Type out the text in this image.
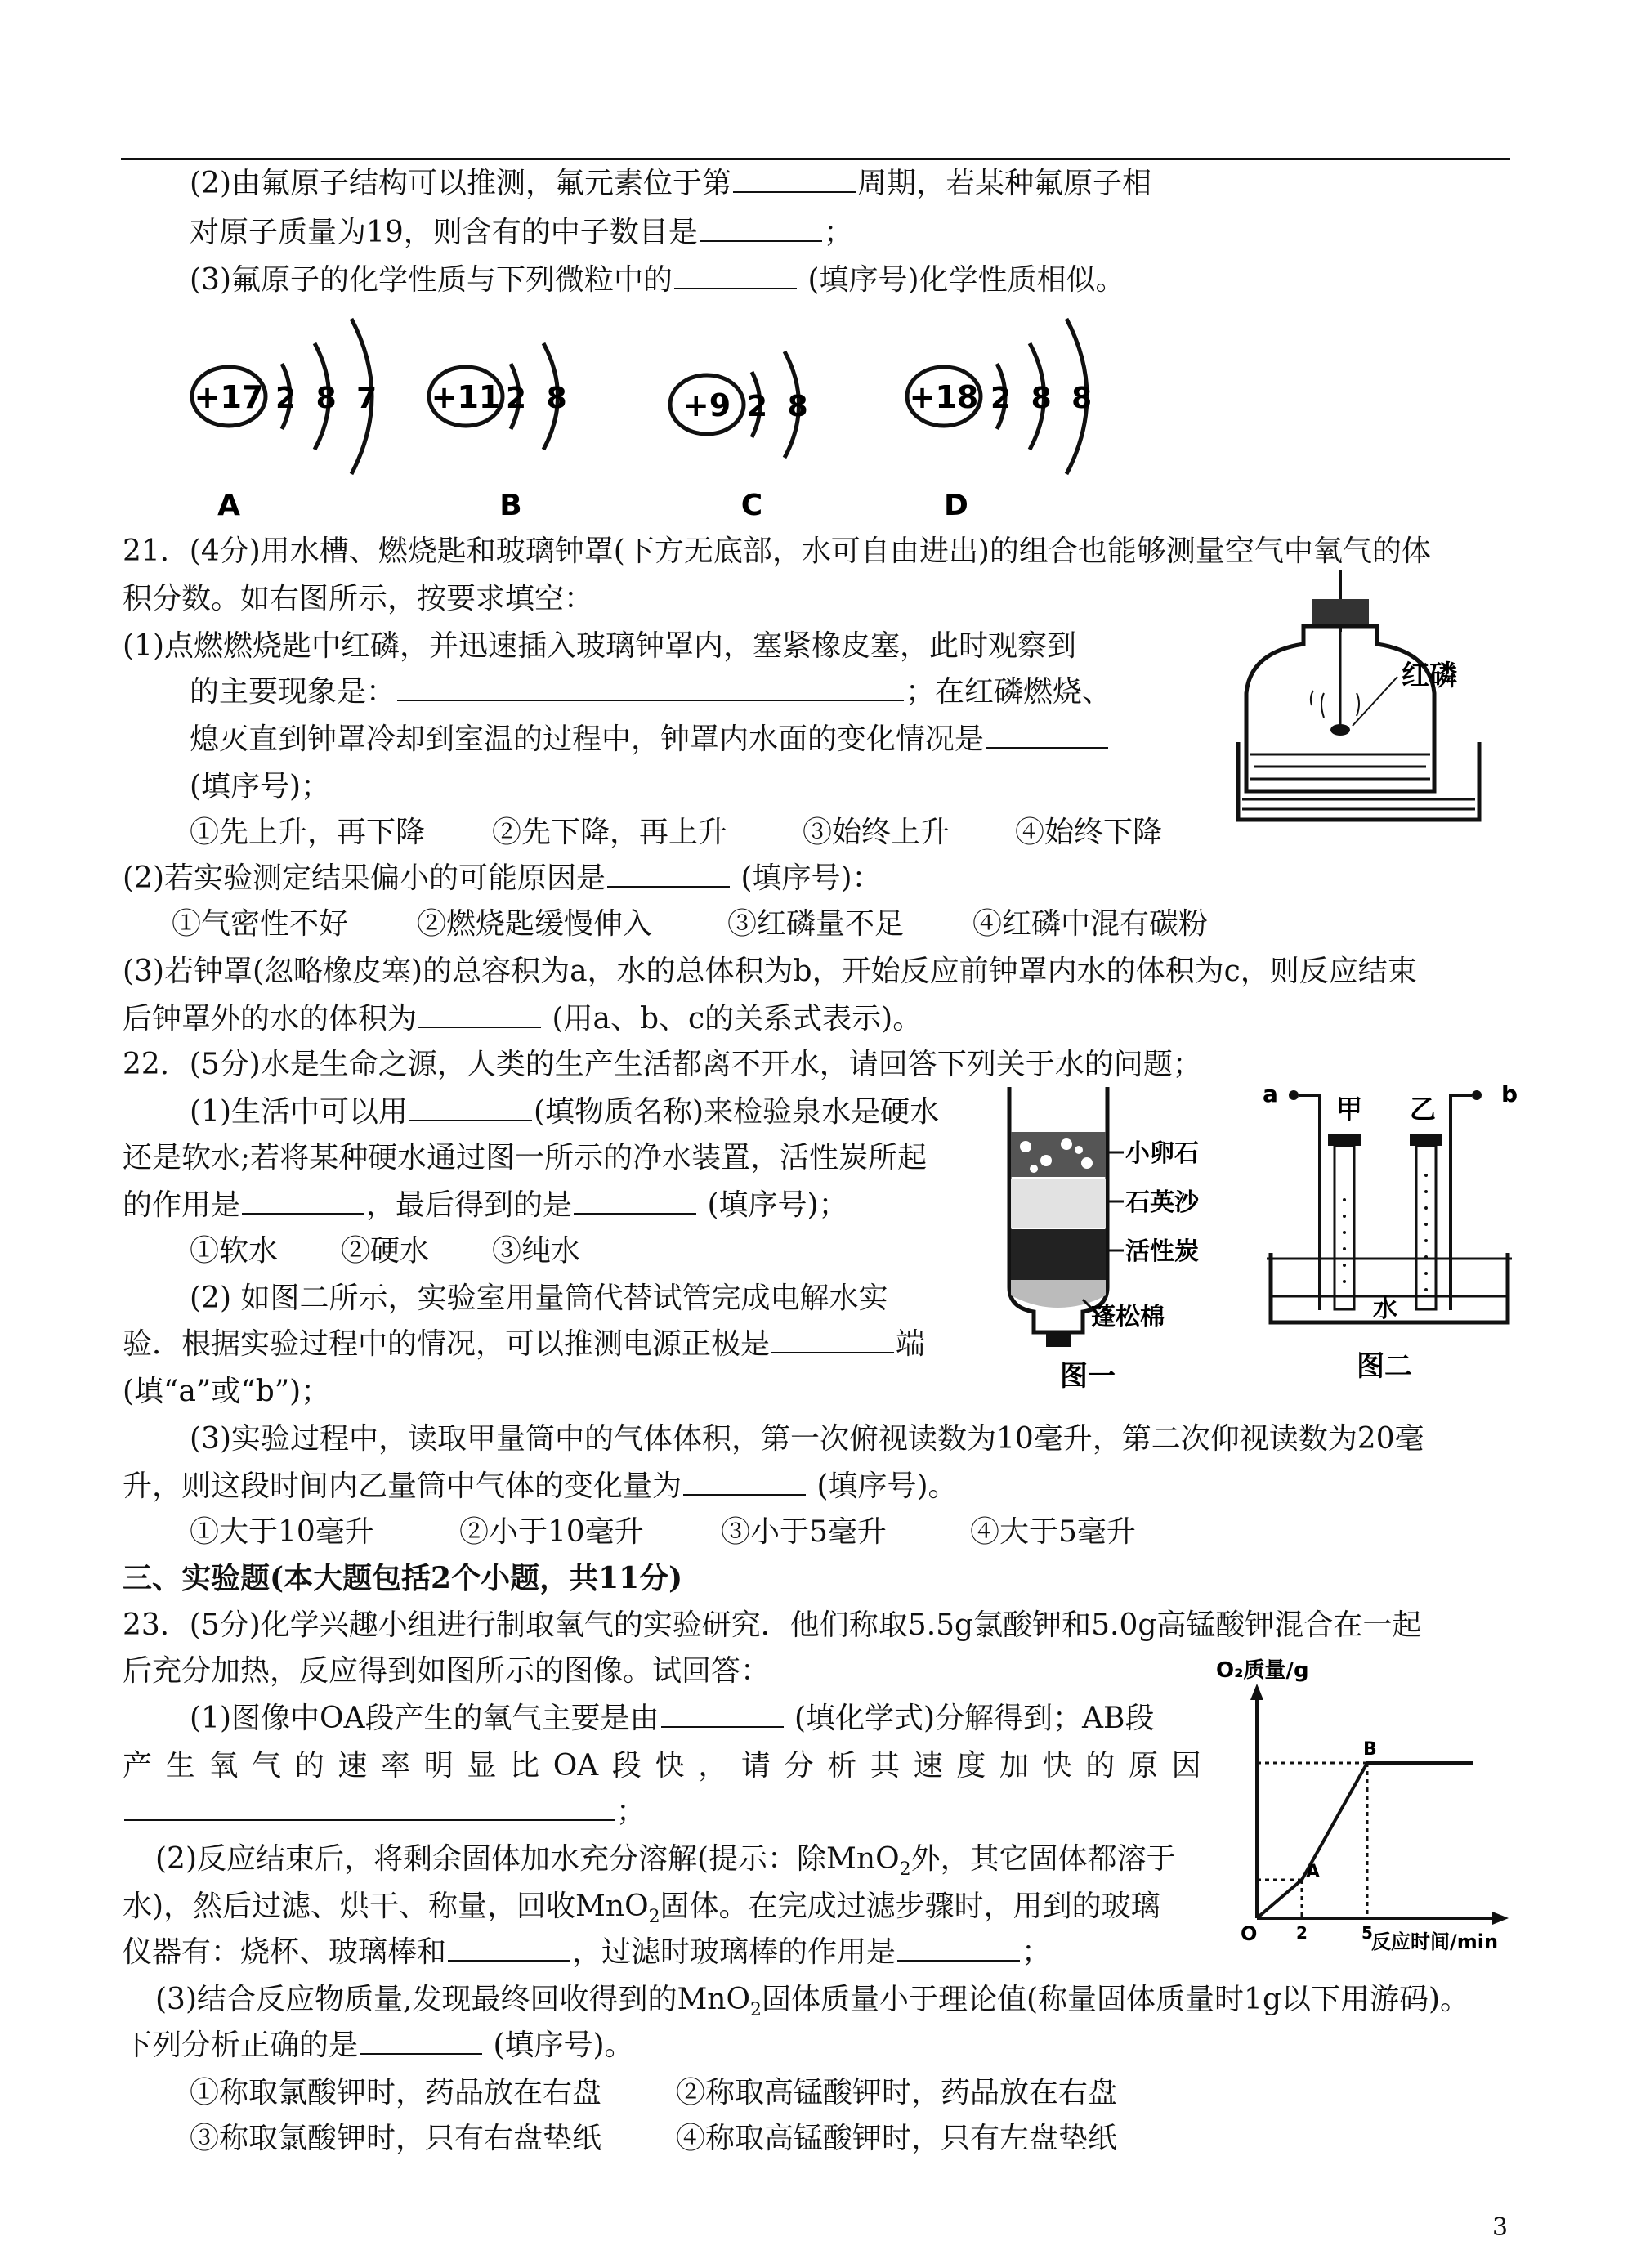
(2)由氟原子结构可以推测，氟元素位于第	周期，若某种氟原子相
对原子质量为19，则含有的中子数目是	；
(3)氟原子的化学性质与下列微粒中的	(填序号)化学性质相似。
+17 2 8 7
A
+11 2 8
B
+9 2 8
C
+18 2 8 8
D
21．(4分)用水槽、燃烧匙和玻璃钟罩(下方无底部，水可自由进出)的组合也能够测量空气中氧气的体
积分数。如右图所示，按要求填空：
(1)点燃燃烧匙中红磷，并迅速插入玻璃钟罩内，塞紧橡皮塞，此时观察到
的主要现象是：	；在红磷燃烧、
熄灭直到钟罩冷却到室温的过程中，钟罩内水面的变化情况是
(填序号)；
①先上升，再下降 ②先下降，再上升	③始终上升 ④始终下降
(2)若实验测定结果偏小的可能原因是	(填序号)：
①气密性不好 ②燃烧匙缓慢伸入	③红磷量不足 ④红磷中混有碳粉
(3)若钟罩(忽略橡皮塞)的总容积为a，水的总体积为b，开始反应前钟罩内水的体积为c，则反应结束
后钟罩外的水的体积为	(用a、b、c的关系式表示)。
红磷
22．(5分)水是生命之源，人类的生产生活都离不开水，请回答下列关于水的问题；
(1)生活中可以用	(填物质名称)来检验泉水是硬水
还是软水;若将某种硬水通过图一所示的净水装置，活性炭所起
的作用是	，最后得到的是	(填序号)；
①软水 ②硬水 ③纯水
(2) 如图二所示，实验室用量筒代替试管完成电解水实
验．根据实验过程中的情况，可以推测电源正极是	端
(填“a”或“b”)；
(3)实验过程中，读取甲量筒中的气体体积，第一次俯视读数为10毫升，第二次仰视读数为20毫
升，则这段时间内乙量筒中气体的变化量为	(填序号)。
①大于10毫升	②小于10毫升	③小于5毫升	④大于5毫升
小卵石
石英沙
活性炭
蓬松棉
图一
a	b
甲 乙
水
图二
三、实验题(本大题包括2个小题，共11分)
23．(5分)化学兴趣小组进行制取氧气的实验研究．他们称取5.5g氯酸钾和5.0g高锰酸钾混合在一起
后充分加热，反应得到如图所示的图像。试回答：
(1)图像中OA段产生的氧气主要是由	(填化学式)分解得到；AB段
产 生 氧 气 的 速 率 明 显 比 OA 段 快 ， 请 分 析 其 速 度 加 快 的 原 因
；
(2)反应结束后，将剩余固体加水充分溶解(提示：除MnO$_2$外，其它固体都溶于
水)，然后过滤、烘干、称量，回收MnO$_2$固体。在完成过滤步骤时，用到的玻璃
仪器有：烧杯、玻璃棒和	，过滤时玻璃棒的作用是	；
(3)结合反应物质量,发现最终回收得到的MnO$_2$固体质量小于理论值(称量固体质量时1g以下用游码)。
下列分析正确的是	(填序号)。
①称取氯酸钾时，药品放在右盘	②称取高锰酸钾时，药品放在右盘
③称取氯酸钾时，只有右盘垫纸	④称取高锰酸钾时，只有左盘垫纸
O₂质量/g
O
A
B
2	5
反应时间/min
3
